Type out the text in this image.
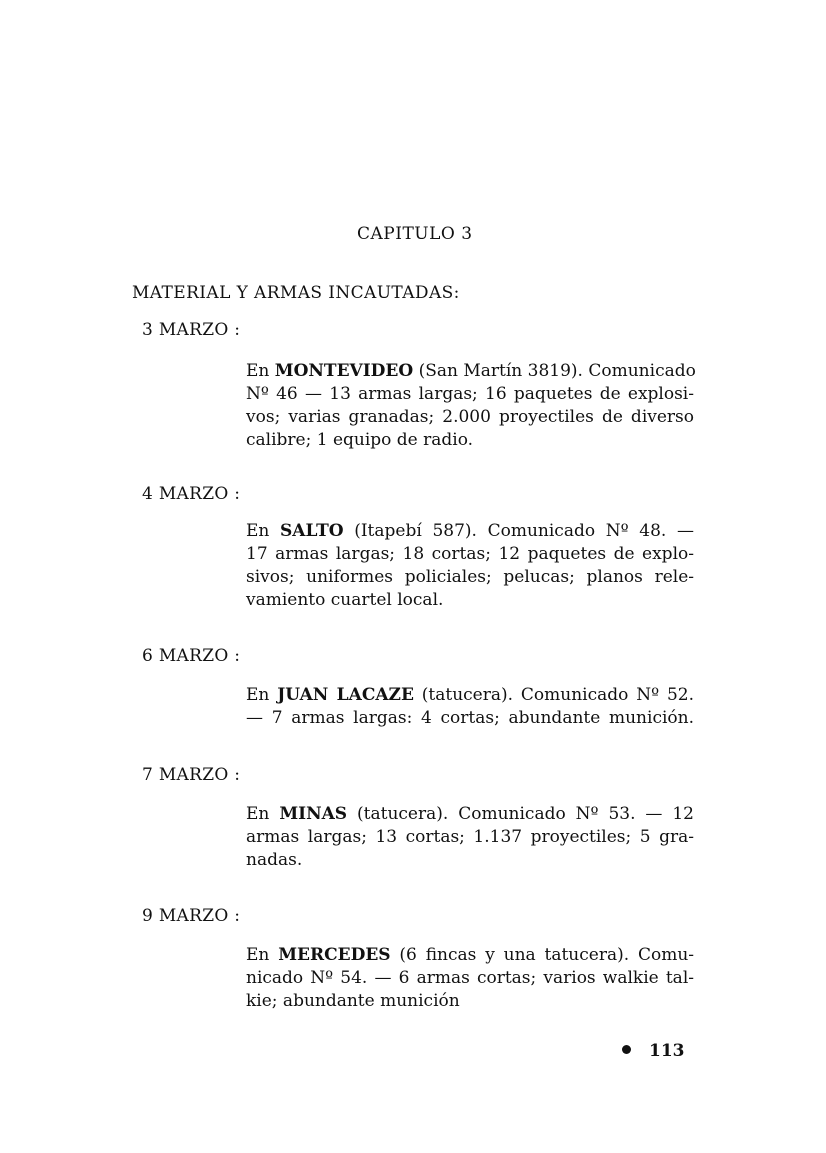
CAPITULO 3
MATERIAL Y ARMAS INCAUTADAS:
3 MARZO :
En MONTEVIDEO (San Martín 3819). Comunicado
Nº 46 — 13 armas largas; 16 paquetes de explosi-
vos; varias granadas; 2.000 proyectiles de diverso
calibre; 1 equipo de radio.
4 MARZO :
En SALTO (Itapebí 587). Comunicado Nº 48. —
17 armas largas; 18 cortas; 12 paquetes de explo-
sivos; uniformes policiales; pelucas; planos rele-
vamiento cuartel local.
6 MARZO :
En JUAN LACAZE (tatucera). Comunicado Nº 52.
— 7 armas largas: 4 cortas; abundante munición.
7 MARZO :
En MINAS (tatucera). Comunicado Nº 53. — 12
armas largas; 13 cortas; 1.137 proyectiles; 5 gra-
nadas.
9 MARZO :
En MERCEDES (6 fincas y una tatucera). Comu-
nicado Nº 54. — 6 armas cortas; varios walkie tal-
kie; abundante munición
113
